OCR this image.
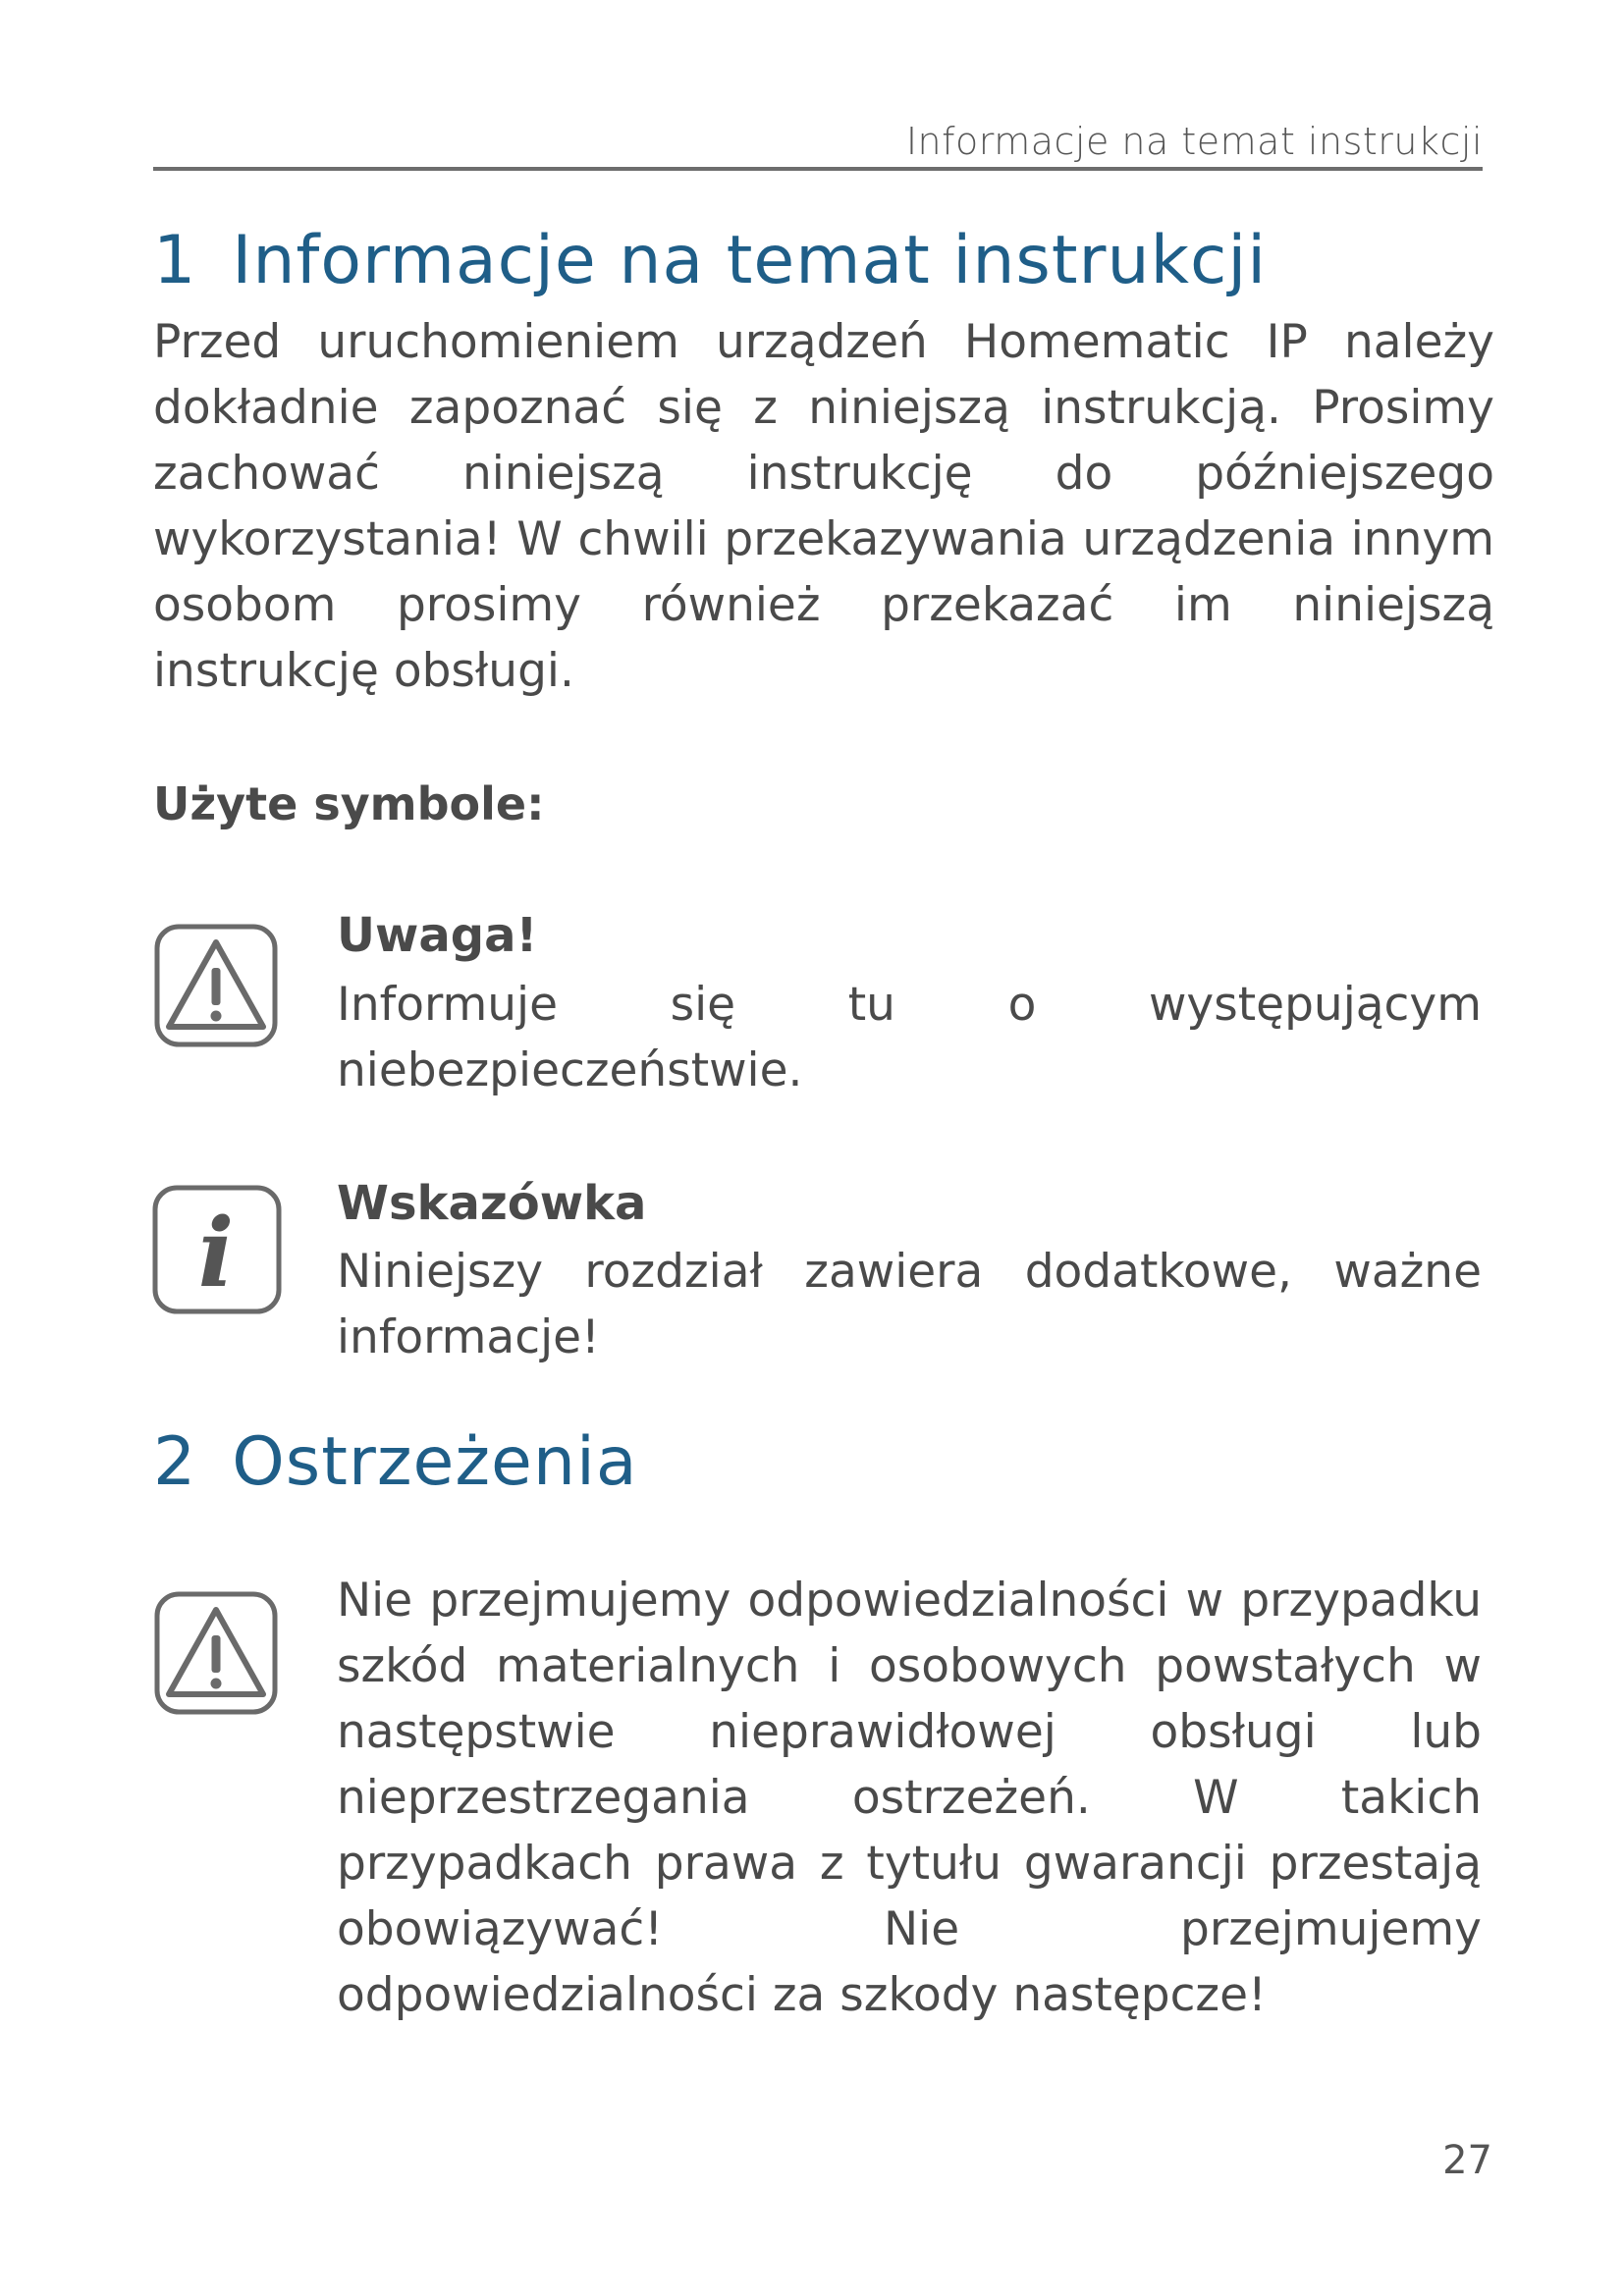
Informacje na temat instrukcji
1 Informacje na temat instrukcji

Przed uruchomieniem urządzeń Homematic IP należy dokładnie zapoznać się z niniejszą instrukcją. Prosimy zachować niniejszą instrukcję do późniejszego wykorzystania! W chwili przekazywania urządzenia innym osobom prosimy również przekazać im niniejszą instrukcję obsługi.

Użyte symbole:
Uwaga!

Informuje się tu o występującym niebezpieczeństwie.

i Wskazówka

Niniejszy rozdział zawiera dodatkowe, ważne informacje!

2 Ostrzeżenia

Nie przejmujemy odpowiedzialności w przypadku szkód materialnych i osobowych powstałych w następstwie nieprawidłowej obsługi lub nieprzestrzegania ostrzeżeń. W takich przypadkach prawa z tytułu gwarancji przestają obowiązywać! Nie przejmujemy odpowiedzialności za szkody następcze!

27
